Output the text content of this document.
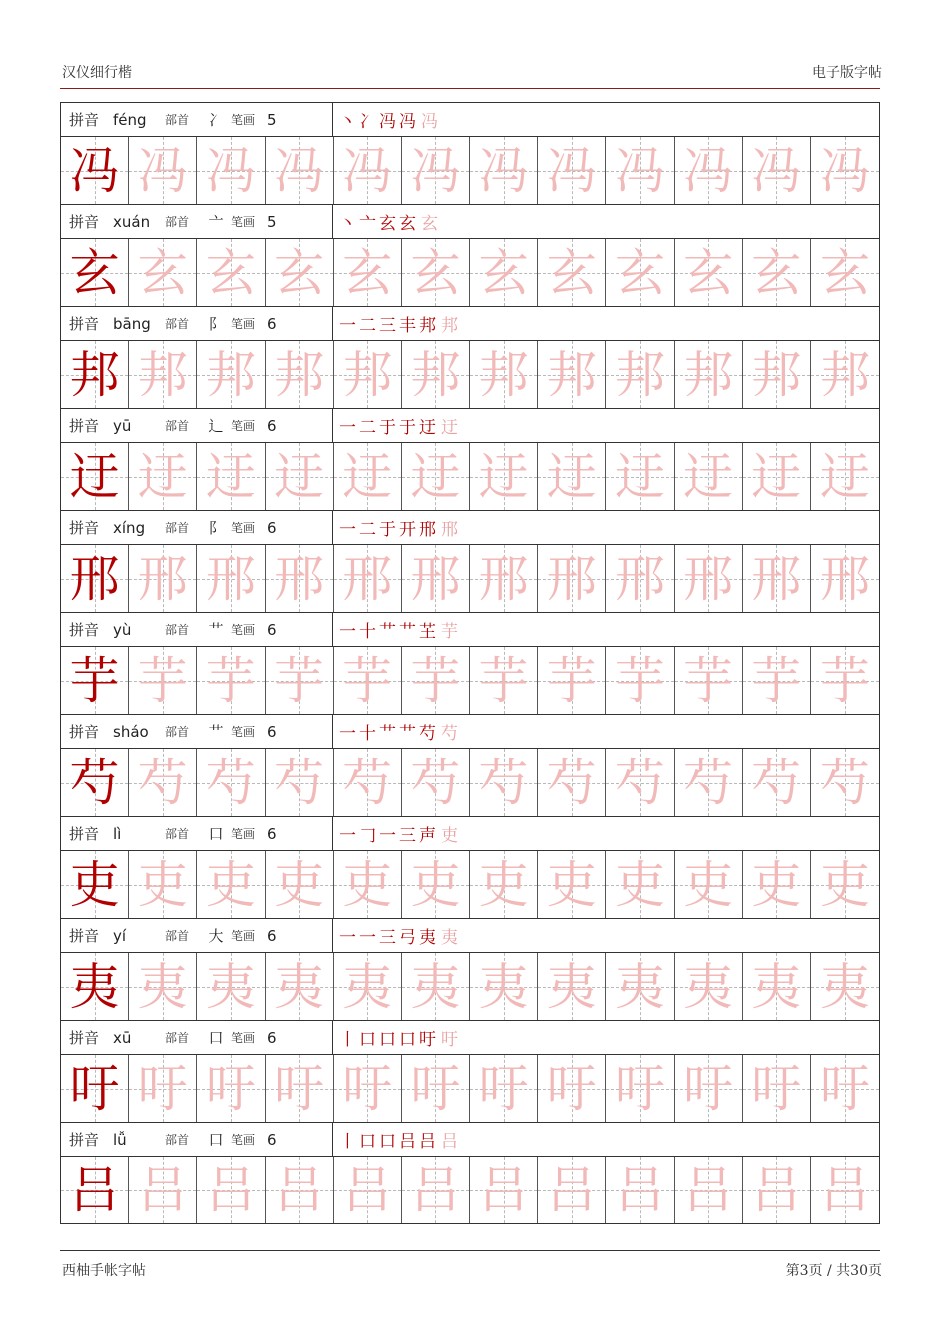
汉仪细行楷	电子版字帖
拼音 féng	部首	冫 笔画 5	丶 冫 冯 冯 冯
冯 冯 冯 冯 冯 冯 冯 冯 冯 冯 冯 冯
拼音 xuán	部首	亠 笔画 5	丶 亠 玄 玄 玄
玄 玄 玄 玄 玄 玄 玄 玄 玄 玄 玄 玄
拼音 bāng	部首	阝 笔画 6	一 二 三 丰 邦 邦
邦 邦 邦 邦 邦 邦 邦 邦 邦 邦 邦 邦
拼音 yū	部首	辶 笔画 6	一 二 于 于 迂 迂
迂 迂 迂 迂 迂 迂 迂 迂 迂 迂 迂 迂
拼音 xíng	部首	阝 笔画 6	一 二 于 开 邢 邢
邢 邢 邢 邢 邢 邢 邢 邢 邢 邢 邢 邢
拼音 yù	部首	艹 笔画 6	一 十 艹 艹 芏 芋
芋 芋 芋 芋 芋 芋 芋 芋 芋 芋 芋 芋
拼音 sháo	部首	艹 笔画 6	一 十 艹 艹 芍 芍
芍 芍 芍 芍 芍 芍 芍 芍 芍 芍 芍 芍
拼音 lì	部首	口 笔画 6	一 𠃌 一 三 声 吏
吏 吏 吏 吏 吏 吏 吏 吏 吏 吏 吏 吏
拼音 yí	部首	大 笔画 6	一 一 三 弓 夷 夷
夷 夷 夷 夷 夷 夷 夷 夷 夷 夷 夷 夷
拼音 xū	部首	口 笔画 6	丨 口 口 口 吁 吁
吁 吁 吁 吁 吁 吁 吁 吁 吁 吁 吁 吁
拼音 lǚ	部首	口 笔画 6	丨 口 口 吕 吕 吕
吕 吕 吕 吕 吕 吕 吕 吕 吕 吕 吕 吕
西柚手帐字帖	第3页 / 共30页
